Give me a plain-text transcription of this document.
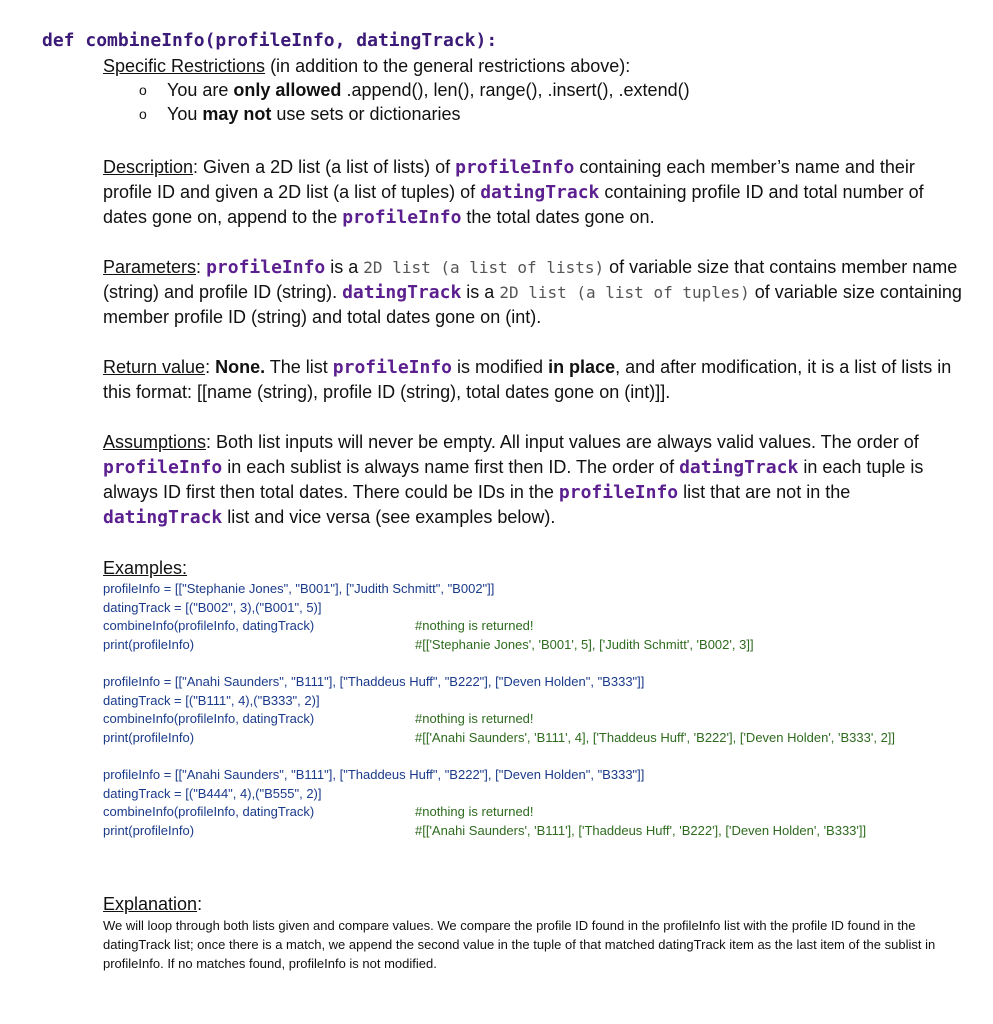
def combineInfo(profileInfo, datingTrack):
Specific Restrictions (in addition to the general restrictions above):
o You are only allowed .append(), len(), range(), .insert(), .extend()
o You may not use sets or dictionaries
Description: Given a 2D list (a list of lists) of profileInfo containing each member’s name and their profile ID and given a 2D list (a list of tuples) of datingTrack containing profile ID and total number of dates gone on, append to the profileInfo the total dates gone on.
Parameters: profileInfo is a 2D list (a list of lists) of variable size that contains member name (string) and profile ID (string). datingTrack is a 2D list (a list of tuples) of variable size containing member profile ID (string) and total dates gone on (int).
Return value: None. The list profileInfo is modified in place, and after modification, it is a list of lists in this format: [[name (string), profile ID (string), total dates gone on (int)]].
Assumptions: Both list inputs will never be empty. All input values are always valid values. The order of profileInfo in each sublist is always name first then ID. The order of datingTrack in each tuple is always ID first then total dates. There could be IDs in the profileInfo list that are not in the datingTrack list and vice versa (see examples below).
Examples:
profileInfo = [["Stephanie Jones", "B001"], ["Judith Schmitt", "B002"]]
datingTrack = [("B002", 3),("B001", 5)]
combineInfo(profileInfo, datingTrack)	#nothing is returned!
print(profileInfo)	#[['Stephanie Jones', 'B001', 5], ['Judith Schmitt', 'B002', 3]]
profileInfo = [["Anahi Saunders", "B111"], ["Thaddeus Huff", "B222"], ["Deven Holden", "B333"]]
datingTrack = [("B111", 4),("B333", 2)]
combineInfo(profileInfo, datingTrack)	#nothing is returned!
print(profileInfo)	#[['Anahi Saunders', 'B111', 4], ['Thaddeus Huff', 'B222'], ['Deven Holden', 'B333', 2]]
profileInfo = [["Anahi Saunders", "B111"], ["Thaddeus Huff", "B222"], ["Deven Holden", "B333"]]
datingTrack = [("B444", 4),("B555", 2)]
combineInfo(profileInfo, datingTrack)	#nothing is returned!
print(profileInfo)	#[['Anahi Saunders', 'B111'], ['Thaddeus Huff', 'B222'], ['Deven Holden', 'B333']]
Explanation:
We will loop through both lists given and compare values. We compare the profile ID found in the profileInfo list with the profile ID found in the datingTrack list; once there is a match, we append the second value in the tuple of that matched datingTrack item as the last item of the sublist in profileInfo. If no matches found, profileInfo is not modified.
